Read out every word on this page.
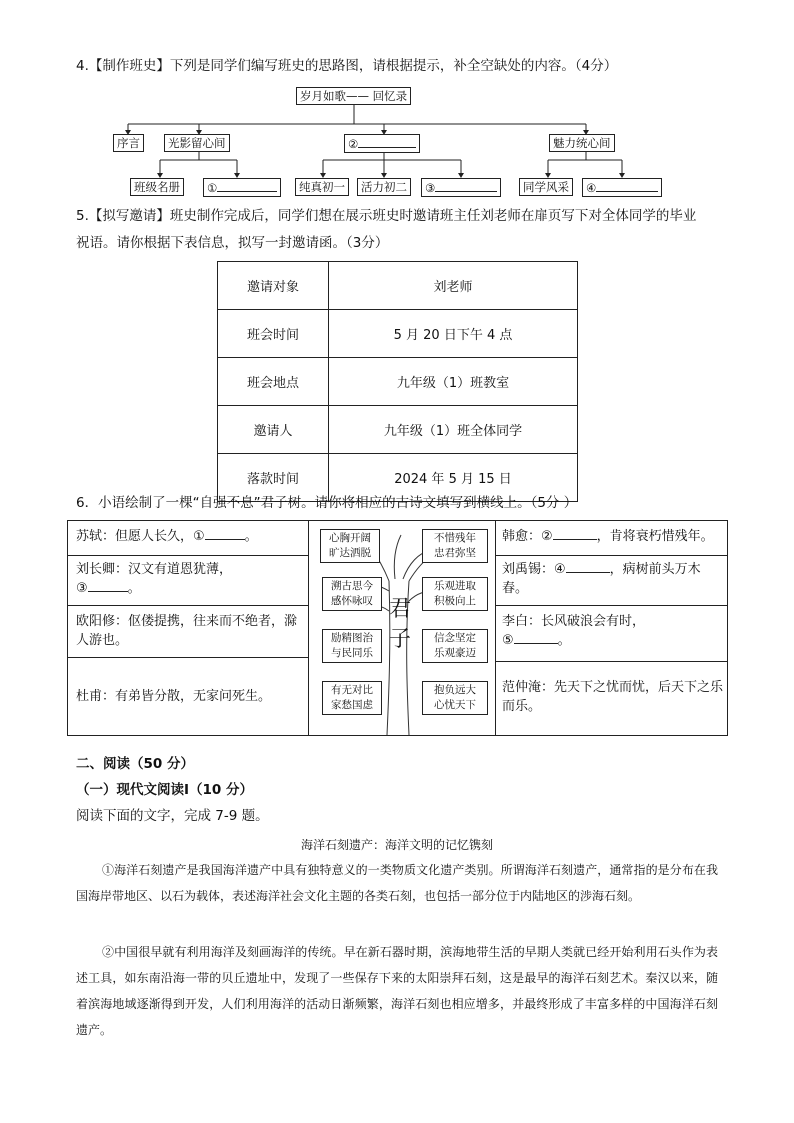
4.【制作班史】下列是同学们编写班史的思路图，请根据提示，补全空缺处的内容。（4分）
岁月如歌—— 回忆录
序言	光影留心间	②	魅力统心间
班级名册	①	纯真初一	活力初二	③	同学风采	④
5.【拟写邀请】班史制作完成后，同学们想在展示班史时邀请班主任刘老师在扉页写下对全体同学的毕业
祝语。请你根据下表信息，拟写一封邀请函。（3分）
邀请对象	刘老师
班会时间	5 月 20 日下午 4 点
班会地点	九年级（1）班教室
邀请人	九年级（1）班全体同学
落款时间	2024 年 5 月 15 日
6．小语绘制了一棵“自强不息”君子树。请你将相应的古诗文填写到横线上。（5分 ）
苏轼：但愿人长久，①	。
刘长卿：汉文有道恩犹薄，
③	。
欧阳修：伛偻提携，往来而不绝者，滁人游也。
杜甫：有弟皆分散，无家问死生。
韩愈：②	，肯将衰朽惜残年。
刘禹锡：④	，病树前头万木春。
李白：长风破浪会有时，
⑤	。
范仲淹：先天下之忧而忧，后天下之乐而乐。
心胸开阔
旷达洒脱
溯古思今
感怀咏叹
励精图治
与民同乐
有无对比
家愁国虑
不惜残年
忠君弥坚
乐观进取
积极向上
信念坚定
乐观豪迈
抱负远大
心忧天下
君
子
二、阅读（50 分）
（一）现代文阅读Ⅰ（10 分）
阅读下面的文字，完成 7-9 题。
海洋石刻遗产：海洋文明的记忆镌刻
①海洋石刻遗产是我国海洋遗产中具有独特意义的一类物质文化遗产类别。所谓海洋石刻遗产，通常指的是分布在我国海岸带地区、以石为载体，表述海洋社会文化主题的各类石刻，也包括一部分位于内陆地区的涉海石刻。
②中国很早就有利用海洋及刻画海洋的传统。早在新石器时期，滨海地带生活的早期人类就已经开始利用石头作为表述工具，如东南沿海一带的贝丘遗址中，发现了一些保存下来的太阳崇拜石刻，这是最早的海洋石刻艺术。秦汉以来，随着滨海地域逐渐得到开发，人们利用海洋的活动日渐频繁，海洋石刻也相应增多，并最终形成了丰富多样的中国海洋石刻遗产。
